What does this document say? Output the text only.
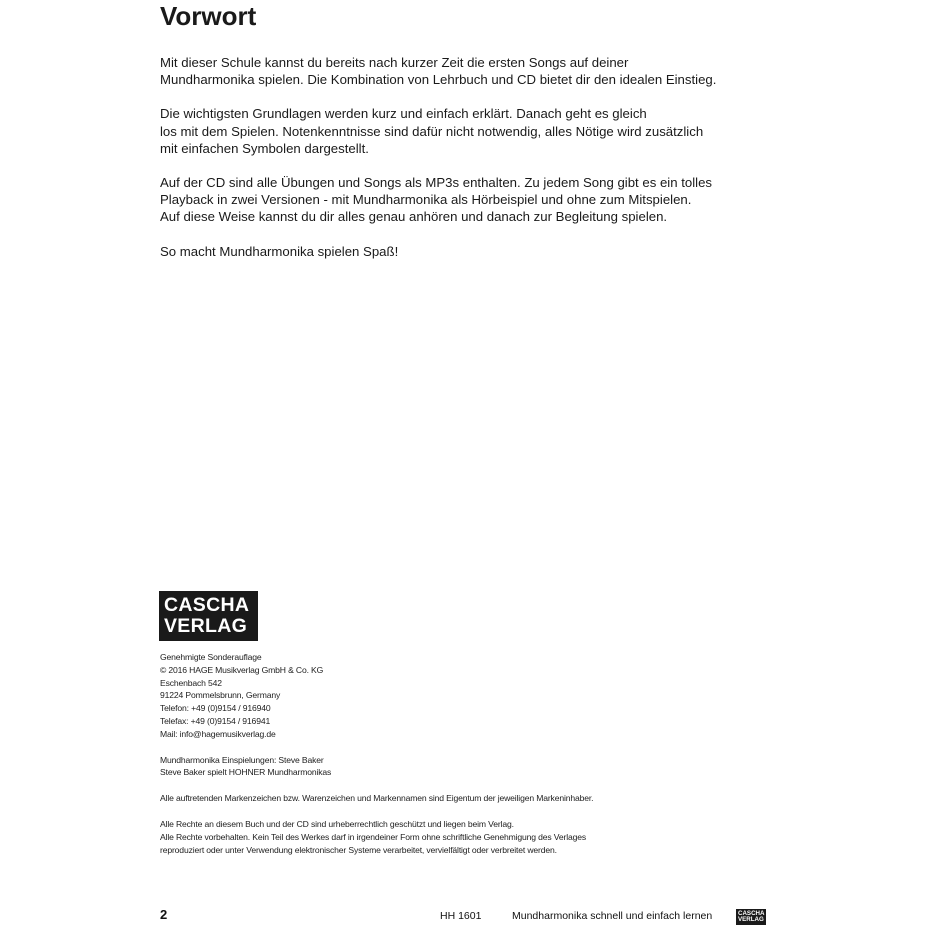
Vorwort

Mit dieser Schule kannst du bereits nach kurzer Zeit die ersten Songs auf deiner
Mundharmonika spielen. Die Kombination von Lehrbuch und CD bietet dir den idealen Einstieg.

Die wichtigsten Grundlagen werden kurz und einfach erklärt. Danach geht es gleich
los mit dem Spielen. Notenkenntnisse sind dafür nicht notwendig, alles Nötige wird zusätzlich
mit einfachen Symbolen dargestellt.

Auf der CD sind alle Übungen und Songs als MP3s enthalten. Zu jedem Song gibt es ein tolles
Playback in zwei Versionen - mit Mundharmonika als Hörbeispiel und ohne zum Mitspielen.
Auf diese Weise kannst du dir alles genau anhören und danach zur Begleitung spielen.

So macht Mundharmonika spielen Spaß!

CASCHA
VERLAG
Genehmigte Sonderauflage
© 2016 HAGE Musikverlag GmbH & Co. KG
Eschenbach 542
91224 Pommelsbrunn, Germany
Telefon: +49 (0)9154 / 916940
Telefax: +49 (0)9154 / 916941
Mail: info@hagemusikverlag.de
Mundharmonika Einspielungen: Steve Baker
Steve Baker spielt HOHNER Mundharmonikas
Alle auftretenden Markenzeichen bzw. Warenzeichen und Markennamen sind Eigentum der jeweiligen Markeninhaber.
Alle Rechte an diesem Buch und der CD sind urheberrechtlich geschützt und liegen beim Verlag.
Alle Rechte vorbehalten. Kein Teil des Werkes darf in irgendeiner Form ohne schriftliche Genehmigung des Verlages
reproduziert oder unter Verwendung elektronischer Systeme verarbeitet, vervielfältigt oder verbreitet werden.
2	HH 1601	Mundharmonika schnell und einfach lernen	CASCHA
VERLAG
